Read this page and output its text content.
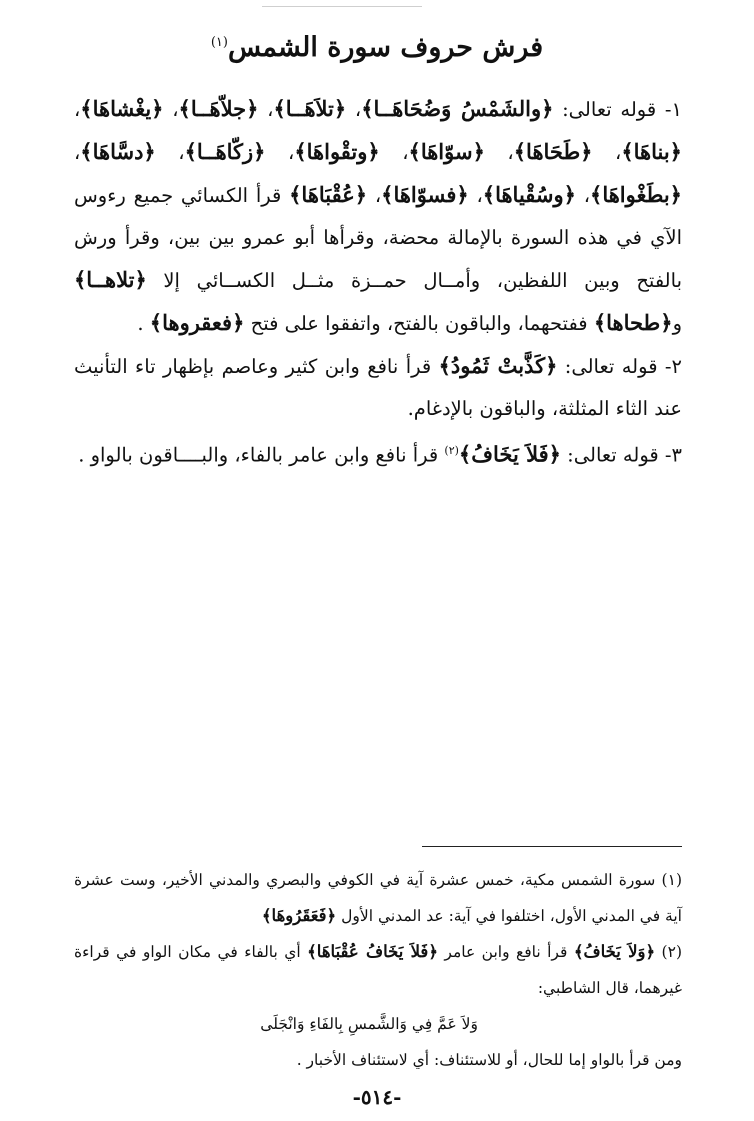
فرش حروف سورة الشمس$^{(١)}$

١- قوله تعالى: ﴿والشَمْسُ وَضُحَاهَــا﴾، ﴿تلاَهَــا﴾، ﴿جلاّهَــا﴾، ﴿يغْشاهَا﴾، ﴿بناهَا﴾، ﴿طَحَاهَا﴾، ﴿سوّاهَا﴾، ﴿وتقْواهَا﴾، ﴿زكّاهَــا﴾، ﴿دسَّاهَا﴾، ﴿بطَغْواهَا﴾، ﴿وسُقْياهَا﴾، ﴿فسوّاهَا﴾، ﴿عُقْبَاهَا﴾ قرأ الكسائي جميع رءوس الآي في هذه السورة بالإمالة محضة، وقرأها أبو عمرو بين بين، وقرأ ورش بالفتح وبين اللفظين، وأمــال حمــزة مثــل الكســائي إلا ﴿تلاهــا﴾ و﴿طحاها﴾ ففتحهما، والباقون بالفتح، واتفقوا على فتح ﴿فعقروها﴾ .

٢- قوله تعالى: ﴿كَذَّبتْ ثَمُودُ﴾ قرأ نافع وابن كثير وعاصم بإظهار تاء التأنيث عند الثاء المثلثة، والباقون بالإدغام.

٣- قوله تعالى: ﴿فَلاَ يَخَافُ﴾$^{(٢)}$ قرأ نافع وابن عامر بالفاء، والبــــاقون بالواو .

(١) سورة الشمس مكية، خمس عشرة آية في الكوفي والبصري والمدني الأخير، وست عشرة آية في المدني الأول، اختلفوا في آية: عد المدني الأول ﴿فَعَقَرُوهَا﴾

(٢) ﴿وَلاَ يَخَافُ﴾ قرأ نافع وابن عامر ﴿فَلاَ يَخَافُ عُقْبَاهَا﴾ أي بالفاء في مكان الواو في قراءة غيرهما، قال الشاطبي:

وَلاَ عَمَّ فِي وَالشَّمسِ بِالفَاءِ وَانْجَلَى

ومن قرأ بالواو إما للحال، أو للاستئناف: أي لاستئناف الأخبار .

-٥١٤-
